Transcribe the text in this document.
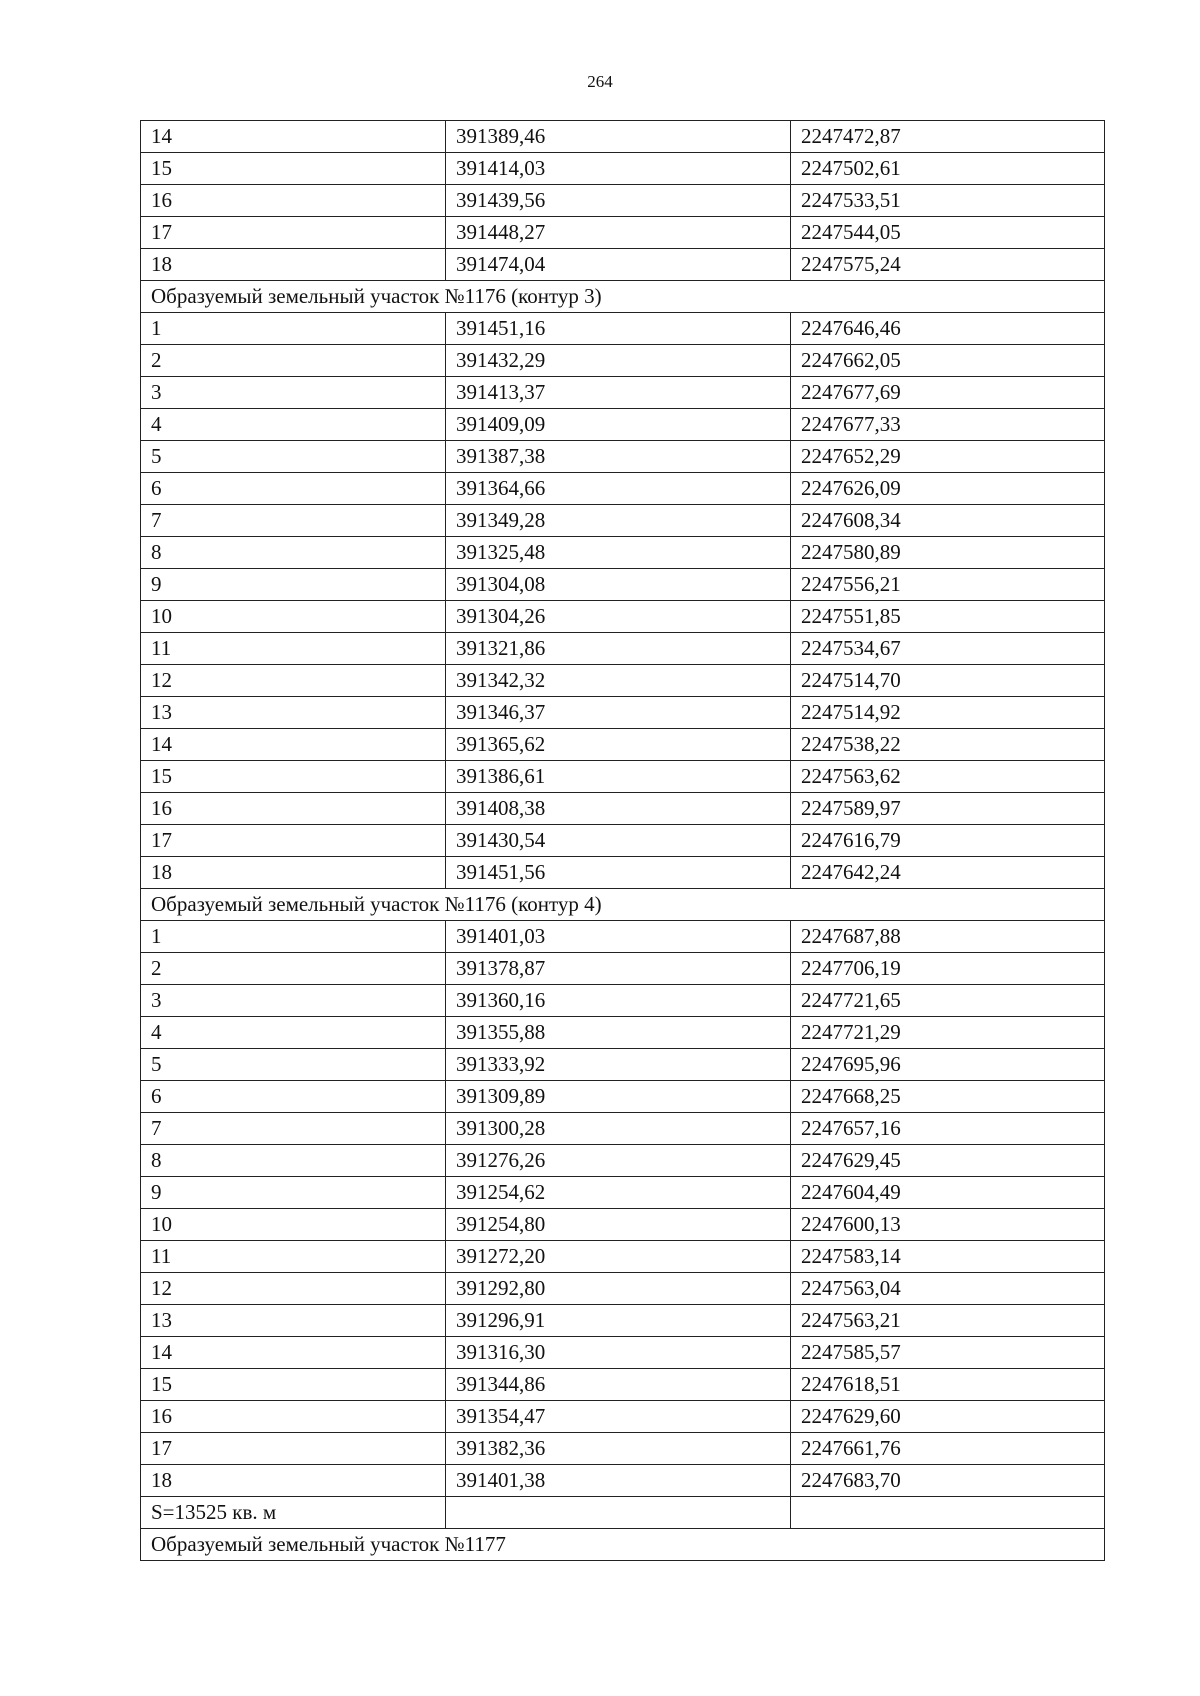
264
14	391389,46	2247472,87
15	391414,03	2247502,61
16	391439,56	2247533,51
17	391448,27	2247544,05
18	391474,04	2247575,24
Образуемый земельный участок №1176 (контур 3)		
1	391451,16	2247646,46
2	391432,29	2247662,05
3	391413,37	2247677,69
4	391409,09	2247677,33
5	391387,38	2247652,29
6	391364,66	2247626,09
7	391349,28	2247608,34
8	391325,48	2247580,89
9	391304,08	2247556,21
10	391304,26	2247551,85
11	391321,86	2247534,67
12	391342,32	2247514,70
13	391346,37	2247514,92
14	391365,62	2247538,22
15	391386,61	2247563,62
16	391408,38	2247589,97
17	391430,54	2247616,79
18	391451,56	2247642,24
Образуемый земельный участок №1176 (контур 4)		
1	391401,03	2247687,88
2	391378,87	2247706,19
3	391360,16	2247721,65
4	391355,88	2247721,29
5	391333,92	2247695,96
6	391309,89	2247668,25
7	391300,28	2247657,16
8	391276,26	2247629,45
9	391254,62	2247604,49
10	391254,80	2247600,13
11	391272,20	2247583,14
12	391292,80	2247563,04
13	391296,91	2247563,21
14	391316,30	2247585,57
15	391344,86	2247618,51
16	391354,47	2247629,60
17	391382,36	2247661,76
18	391401,38	2247683,70
S=13525 кв. м		
Образуемый земельный участок №1177		
